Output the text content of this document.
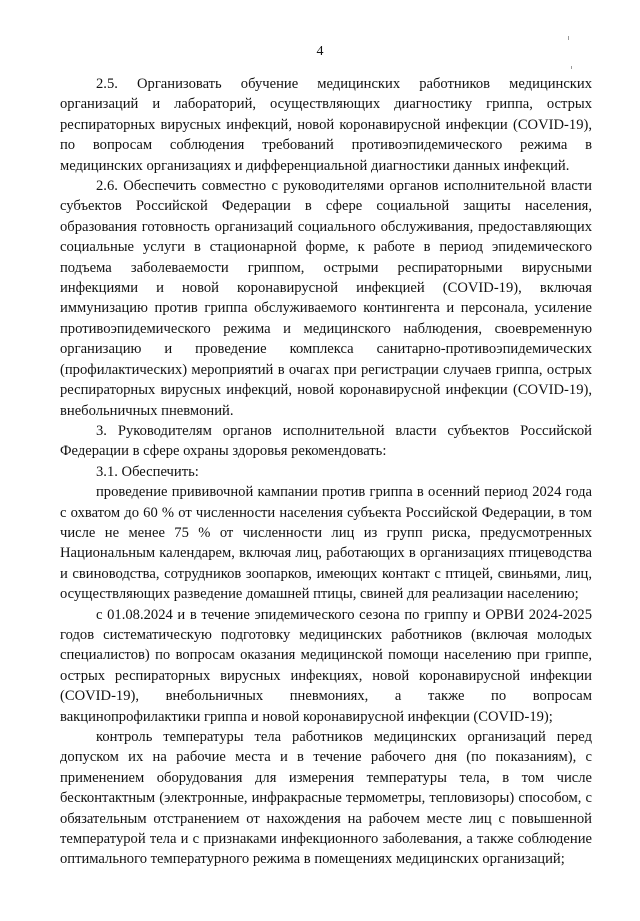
4

2.5. Организовать обучение медицинских работников медицинских организаций и лабораторий, осуществляющих диагностику гриппа, острых респираторных вирусных инфекций, новой коронавирусной инфекции (COVID-19), по вопросам соблюдения требований противоэпидемического режима в медицинских организациях и дифференциальной диагностики данных инфекций.

2.6. Обеспечить совместно с руководителями органов исполнительной власти субъектов Российской Федерации в сфере социальной защиты населения, образования готовность организаций социального обслуживания, предоставляющих социальные услуги в стационарной форме, к работе в период эпидемического подъема заболеваемости гриппом, острыми респираторными вирусными инфекциями и новой коронавирусной инфекцией (COVID-19), включая иммунизацию против гриппа обслуживаемого контингента и персонала, усиление противоэпидемического режима и медицинского наблюдения, своевременную организацию и проведение комплекса санитарно-противоэпидемических (профилактических) мероприятий в очагах при регистрации случаев гриппа, острых респираторных вирусных инфекций, новой коронавирусной инфекции (COVID-19), внебольничных пневмоний.

3. Руководителям органов исполнительной власти субъектов Российской Федерации в сфере охраны здоровья рекомендовать:

3.1. Обеспечить:

проведение прививочной кампании против гриппа в осенний период 2024 года с охватом до 60 % от численности населения субъекта Российской Федерации, в том числе не менее 75 % от численности лиц из групп риска, предусмотренных Национальным календарем, включая лиц, работающих в организациях птицеводства и свиноводства, сотрудников зоопарков, имеющих контакт с птицей, свиньями, лиц, осуществляющих разведение домашней птицы, свиней для реализации населению;

с 01.08.2024 и в течение эпидемического сезона по гриппу и ОРВИ 2024-2025 годов систематическую подготовку медицинских работников (включая молодых специалистов) по вопросам оказания медицинской помощи населению при гриппе, острых респираторных вирусных инфекциях, новой коронавирусной инфекции (COVID-19), внебольничных пневмониях, а также по вопросам вакцинопрофилактики гриппа и новой коронавирусной инфекции (COVID-19);

контроль температуры тела работников медицинских организаций перед допуском их на рабочие места и в течение рабочего дня (по показаниям), с применением оборудования для измерения температуры тела, в том числе бесконтактным (электронные, инфракрасные термометры, тепловизоры) способом, с обязательным отстранением от нахождения на рабочем месте лиц с повышенной температурой тела и с признаками инфекционного заболевания, а также соблюдение оптимального температурного режима в помещениях медицинских организаций;
